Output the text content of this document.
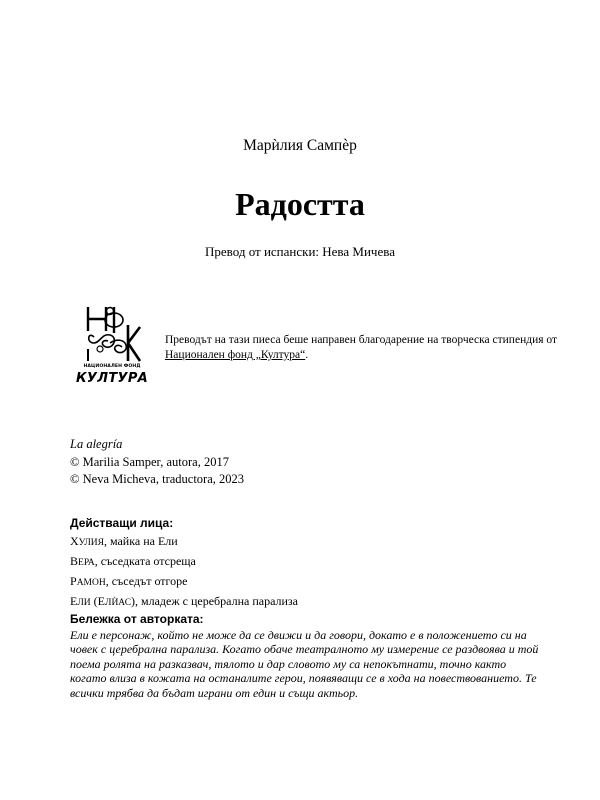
Марѝлия Сампѐр
Радостта
Превод от испански: Нева Мичева
НАЦИОНАЛЕН ФОНД
КУЛТУРА
Преводът на тази пиеса беше направен благодарение на творческа стипендия от Национален фонд „Култура“.
La alegría
© Marilia Samper, autora, 2017
© Neva Micheva, traductora, 2023
Действащи лица:
ХУЛИЯ, майка на Ели
ВЕРА, съседката отсреща
РАМОН, съседът отгоре
ЕЛИ (ЕЛЍАС), младеж с церебрална парализа
Бележка от авторката:
Ели е персонаж, който не може да се движи и да говори, докато е в положението си на човек с церебрална парализа. Когато обаче театралното му измерение се раздвоява и той поема ролята на разказвач, тялото и дар словото му са непокътнати, точно както когато влиза в кожата на останалите герои, появяващи се в хода на повествованието. Те всички трябва да бъдат играни от един и същи актьор.
